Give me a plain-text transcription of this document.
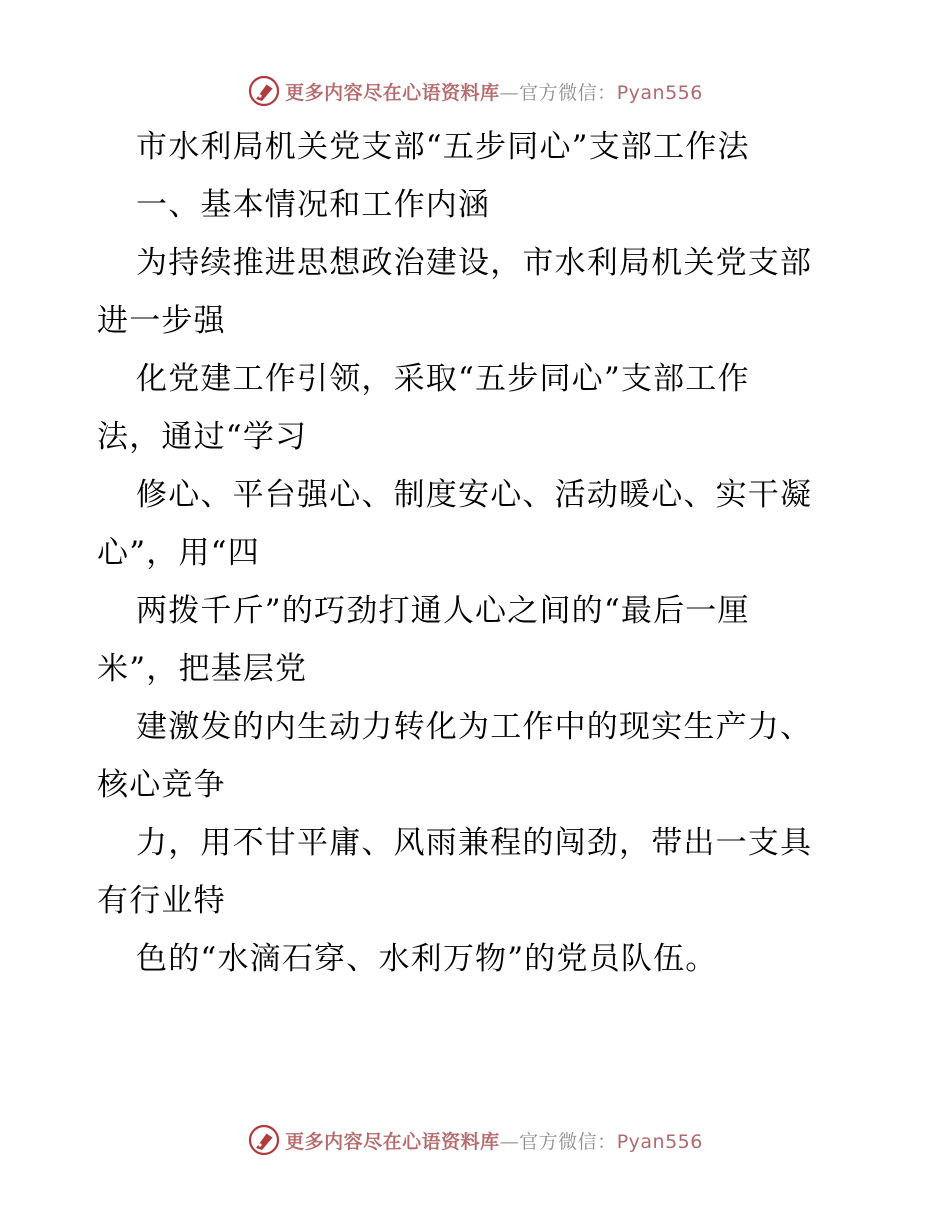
更多内容尽在心语资料库—官方微信：Pyan556
市水利局机关党支部“五步同心”支部工作法
一、基本情况和工作内涵
为持续推进思想政治建设，市水利局机关党支部
进一步强
化党建工作引领，采取“五步同心”支部工作
法，通过“学习
修心、平台强心、制度安心、活动暖心、实干凝
心”，用“四
两拨千斤”的巧劲打通人心之间的“最后一厘
米”，把基层党
建激发的内生动力转化为工作中的现实生产力、
核心竞争
力，用不甘平庸、风雨兼程的闯劲，带出一支具
有行业特
色的“水滴石穿、水利万物”的党员队伍。
更多内容尽在心语资料库—官方微信：Pyan556
